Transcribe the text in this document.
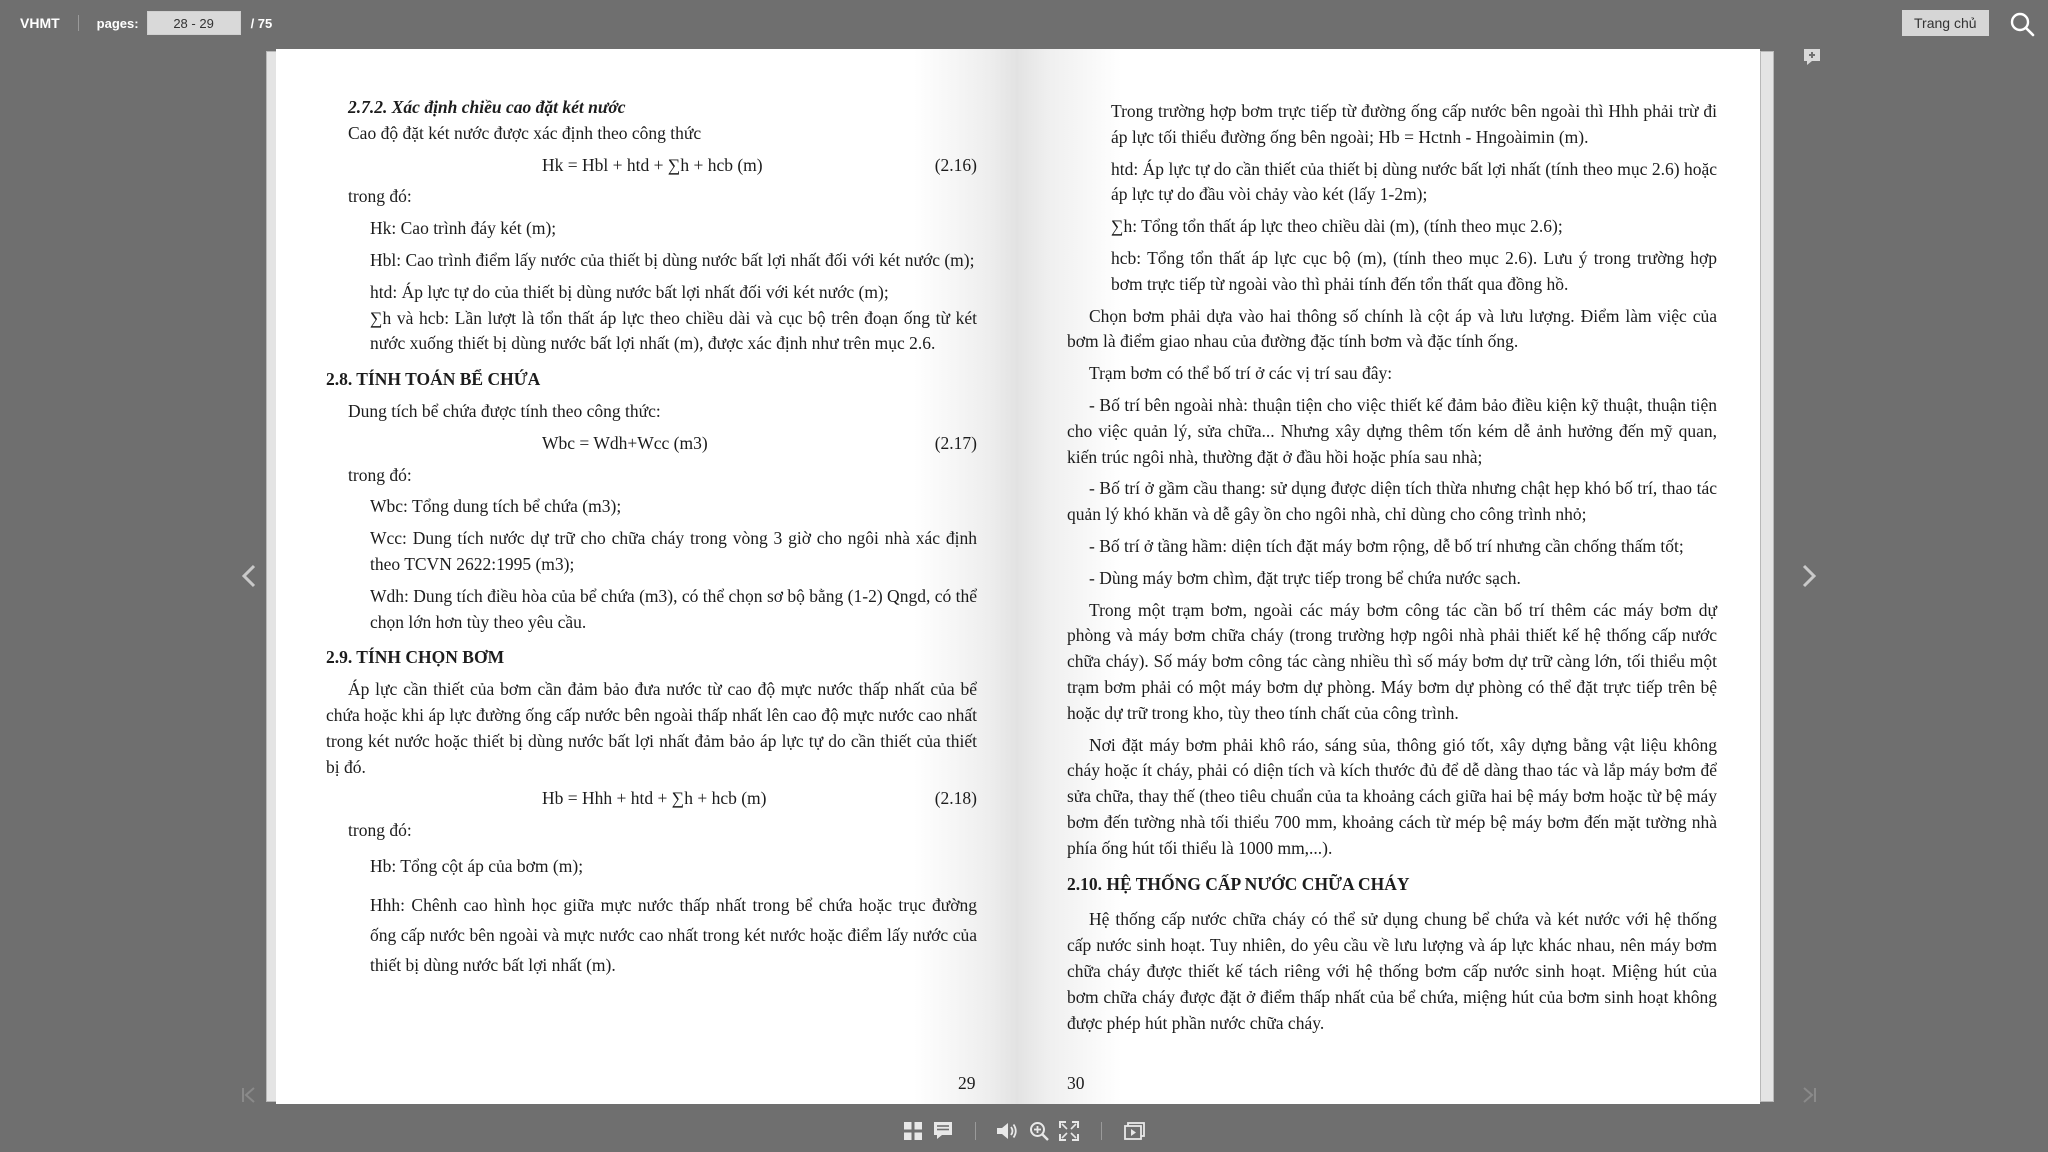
VHMT	pages:
28 - 29	/ 75	Trang chủ

2.7.2. Xác định chiều cao đặt két nước

Cao độ đặt két nước được xác định theo công thức

Hk = Hbl + htd + ∑h + hcb (m)	(2.16)

trong đó:

Hk: Cao trình đáy két (m);

Hbl: Cao trình điểm lấy nước của thiết bị dùng nước bất lợi nhất đối với két nước (m);

htd: Áp lực tự do của thiết bị dùng nước bất lợi nhất đối với két nước (m);

∑h và hcb: Lần lượt là tổn thất áp lực theo chiều dài và cục bộ trên đoạn ống từ két nước xuống thiết bị dùng nước bất lợi nhất (m), được xác định như trên mục 2.6.

2.8. TÍNH TOÁN BỂ CHỨA

Dung tích bể chứa được tính theo công thức:

Wbc = Wdh+Wcc (m3)	(2.17)

trong đó:

Wbc: Tổng dung tích bể chứa (m3);

Wcc: Dung tích nước dự trữ cho chữa cháy trong vòng 3 giờ cho ngôi nhà xác định theo TCVN 2622:1995 (m3);

Wdh: Dung tích điều hòa của bể chứa (m3), có thể chọn sơ bộ bằng (1-2) Qngd, có thể chọn lớn hơn tùy theo yêu cầu.

2.9. TÍNH CHỌN BƠM

Áp lực cần thiết của bơm cần đảm bảo đưa nước từ cao độ mực nước thấp nhất của bể chứa hoặc khi áp lực đường ống cấp nước bên ngoài thấp nhất lên cao độ mực nước cao nhất trong két nước hoặc thiết bị dùng nước bất lợi nhất đảm bảo áp lực tự do cần thiết của thiết bị đó.

Hb = Hhh + htd + ∑h + hcb (m)	(2.18)

trong đó:

Hb: Tổng cột áp của bơm (m);

Hhh: Chênh cao hình học giữa mực nước thấp nhất trong bể chứa hoặc trục đường ống cấp nước bên ngoài và mực nước cao nhất trong két nước hoặc điểm lấy nước của thiết bị dùng nước bất lợi nhất (m).

29

Trong trường hợp bơm trực tiếp từ đường ống cấp nước bên ngoài thì Hhh phải trừ đi áp lực tối thiểu đường ống bên ngoài; Hb = Hctnh - Hngoàimin (m).

htd: Áp lực tự do cần thiết của thiết bị dùng nước bất lợi nhất (tính theo mục 2.6) hoặc áp lực tự do đầu vòi chảy vào két (lấy 1-2m);

∑h: Tổng tổn thất áp lực theo chiều dài (m), (tính theo mục 2.6);

hcb: Tổng tổn thất áp lực cục bộ (m), (tính theo mục 2.6). Lưu ý trong trường hợp bơm trực tiếp từ ngoài vào thì phải tính đến tổn thất qua đồng hồ.

Chọn bơm phải dựa vào hai thông số chính là cột áp và lưu lượng. Điểm làm việc của bơm là điểm giao nhau của đường đặc tính bơm và đặc tính ống.

Trạm bơm có thể bố trí ở các vị trí sau đây:

- Bố trí bên ngoài nhà: thuận tiện cho việc thiết kế đảm bảo điều kiện kỹ thuật, thuận tiện cho việc quản lý, sửa chữa... Nhưng xây dựng thêm tốn kém dễ ảnh hưởng đến mỹ quan, kiến trúc ngôi nhà, thường đặt ở đầu hồi hoặc phía sau nhà;

- Bố trí ở gầm cầu thang: sử dụng được diện tích thừa nhưng chật hẹp khó bố trí, thao tác quản lý khó khăn và dễ gây ồn cho ngôi nhà, chỉ dùng cho công trình nhỏ;

- Bố trí ở tầng hầm: diện tích đặt máy bơm rộng, dễ bố trí nhưng cần chống thấm tốt;

- Dùng máy bơm chìm, đặt trực tiếp trong bể chứa nước sạch.

Trong một trạm bơm, ngoài các máy bơm công tác cần bố trí thêm các máy bơm dự phòng và máy bơm chữa cháy (trong trường hợp ngôi nhà phải thiết kế hệ thống cấp nước chữa cháy). Số máy bơm công tác càng nhiều thì số máy bơm dự trữ càng lớn, tối thiểu một trạm bơm phải có một máy bơm dự phòng. Máy bơm dự phòng có thể đặt trực tiếp trên bệ hoặc dự trữ trong kho, tùy theo tính chất của công trình.

Nơi đặt máy bơm phải khô ráo, sáng sủa, thông gió tốt, xây dựng bằng vật liệu không cháy hoặc ít cháy, phải có diện tích và kích thước đủ để dễ dàng thao tác và lắp máy bơm để sửa chữa, thay thế (theo tiêu chuẩn của ta khoảng cách giữa hai bệ máy bơm hoặc từ bệ máy bơm đến tường nhà tối thiểu 700 mm, khoảng cách từ mép bệ máy bơm đến mặt tường nhà phía ống hút tối thiểu là 1000 mm,...).

2.10. HỆ THỐNG CẤP NƯỚC CHỮA CHÁY

Hệ thống cấp nước chữa cháy có thể sử dụng chung bể chứa và két nước với hệ thống cấp nước sinh hoạt. Tuy nhiên, do yêu cầu về lưu lượng và áp lực khác nhau, nên máy bơm chữa cháy được thiết kế tách riêng với hệ thống bơm cấp nước sinh hoạt. Miệng hút của bơm chữa cháy được đặt ở điểm thấp nhất của bể chứa, miệng hút của bơm sinh hoạt không được phép hút phần nước chữa cháy.

30
